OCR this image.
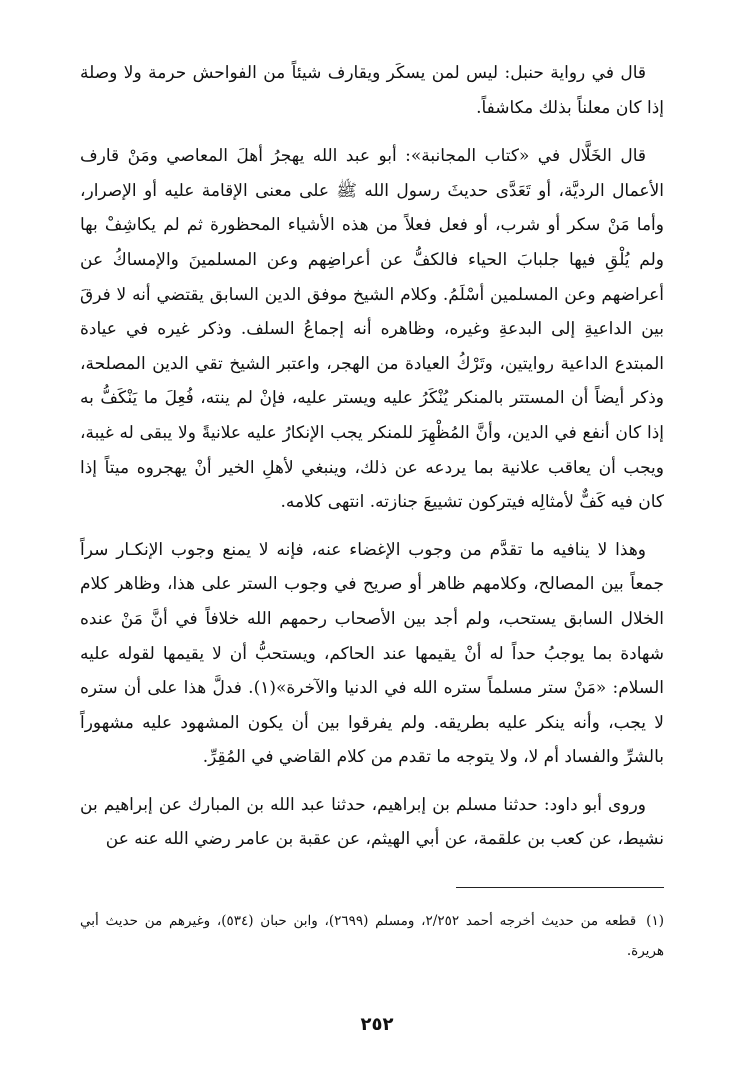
قال في رواية حنبل: ليس لمن يسكَر ويقارف شيئاً من الفواحش حرمة ولا وصلة إذا كان معلناً بذلك مكاشفاً.

قال الخَلَّال في «كتاب المجانبة»: أبو عبد الله يهجرُ أهلَ المعاصي ومَنْ قارف الأعمال الرديَّة، أو تَعَدَّى حديثَ رسول الله ﷺ على معنى الإقامة عليه أو الإصرار، وأما مَنْ سكر أو شرب، أو فعل فعلاً من هذه الأشياء المحظورة ثم لم يكاشِفْ بها ولم يُلْقِ فيها جلبابَ الحياء فالكفُّ عن أعراضِهم وعن المسلمينَ والإمساكُ عن أعراضهم وعن المسلمين أسْلَمُ. وكلام الشيخ موفق الدين السابق يقتضي أنه لا فرقَ بين الداعيةِ إلى البدعةِ وغيره، وظاهره أنه إجماعُ السلف. وذكر غيره في عيادة المبتدع الداعية روايتين، وتَرْكُ العيادة من الهجر، واعتبر الشيخ تقي الدين المصلحة، وذكر أيضاً أن المستتر بالمنكر يُنْكَرُ عليه ويستر عليه، فإنْ لم ينته، فُعِلَ ما يَنْكَفُّ به إذا كان أنفع في الدين، وأنَّ المُظْهِرَ للمنكر يجب الإنكارُ عليه علانيةً ولا يبقى له غيبة، ويجب أن يعاقب علانية بما يردعه عن ذلك، وينبغي لأهلِ الخير أنْ يهجروه ميتاً إذا كان فيه كَفٌّ لأمثالِه فيتركون تشييعَ جنازته. انتهى كلامه.

وهذا لا ينافيه ما تقدَّم من وجوب الإغضاء عنه، فإنه لا يمنع وجوب الإنكـار سراً جمعاً بين المصالح، وكلامهم ظاهر أو صريح في وجوب الستر على هذا، وظاهر كلام الخلال السابق يستحب، ولم أجد بين الأصحاب رحمهم الله خلافاً في أنَّ مَنْ عنده شهادة بما يوجبُ حداً له أنْ يقيمها عند الحاكم، ويستحبُّ أن لا يقيمها لقوله عليه السلام: «مَنْ ستر مسلماً ستره الله في الدنيا والآخرة»(١). فدلَّ هذا على أن ستره لا يجب، وأنه ينكر عليه بطريقه. ولم يفرقوا بين أن يكون المشهود عليه مشهوراً بالشرِّ والفساد أم لا، ولا يتوجه ما تقدم من كلام القاضي في المُقِرِّ.

وروى أبو داود: حدثنا مسلم بن إبراهيم، حدثنا عبد الله بن المبارك عن إبراهيم بن نشيط، عن كعب بن علقمة، عن أبي الهيثم، عن عقبة بن عامر رضي الله عنه عن

(١)قطعه من حديث أخرجه أحمد ٢/٢٥٢، ومسلم (٢٦٩٩)، وابن حبان (٥٣٤)، وغيرهم من حديث أبي هريرة.
٢٥٢
